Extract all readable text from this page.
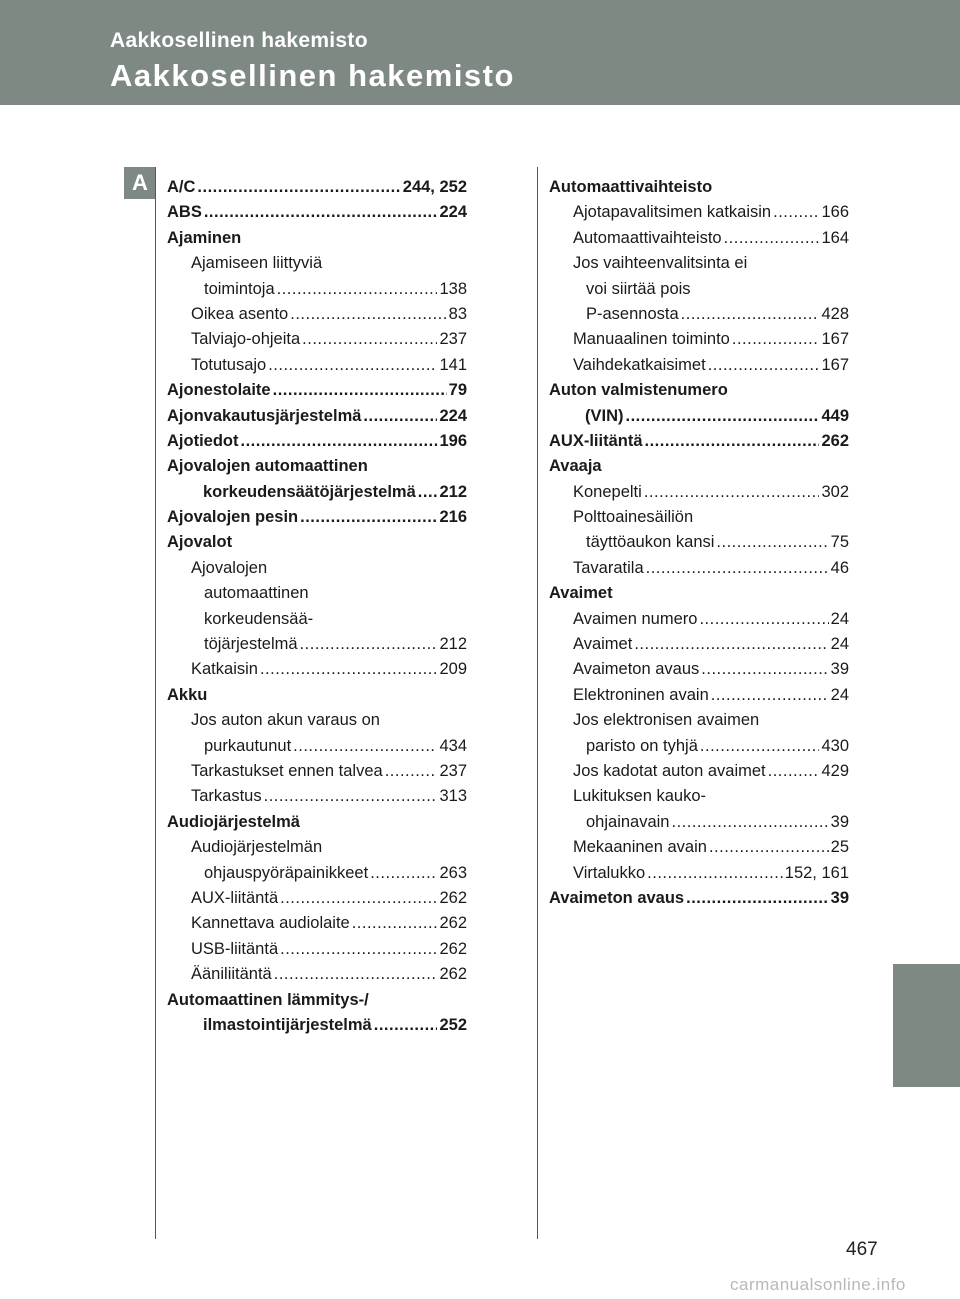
Aakkosellinen hakemisto
Aakkosellinen hakemisto
A	A/C .....	244, 252
ABS .....	224
Ajaminen
Ajamiseen liittyviä
toimintoja .....	138
Oikea asento .....	83
Talviajo-ohjeita .....	237
Totutusajo .....	141
Ajonestolaite .....	79
Ajonvakautusjärjestelmä .....	224
Ajotiedot .....	196
Ajovalojen automaattinen
korkeudensäätöjärjestelmä ..... 212
Ajovalojen pesin .....	216
Ajovalot
Ajovalojen
automaattinen
korkeudensää-
töjärjestelmä .....	212
Katkaisin .....	209
Akku
Jos auton akun varaus on
purkautunut .....	434
Tarkastukset ennen talvea .....	237
Tarkastus .....	313
Audiojärjestelmä
Audiojärjestelmän
ohjauspyöräpainikkeet .....	263
AUX-liitäntä .....	262
Kannettava audiolaite .....	262
USB-liitäntä .....	262
Ääniliitäntä .....	262
Automaattinen lämmitys-/
ilmastointijärjestelmä .....	252
Automaattivaihteisto
Ajotapavalitsimen katkaisin .....	166
Automaattivaihteisto .....	164
Jos vaihteenvalitsinta ei
voi siirtää pois
P-asennosta .....	428
Manuaalinen toiminto .....	167
Vaihdekatkaisimet .....	167
Auton valmistenumero
(VIN) .....	449
AUX-liitäntä .....	262
Avaaja
Konepelti .....	302
Polttoainesäiliön
täyttöaukon kansi .....	75
Tavaratila .....	46
Avaimet
Avaimen numero .....	24
Avaimet .....	24
Avaimeton avaus .....	39
Elektroninen avain .....	24
Jos elektronisen avaimen
paristo on tyhjä .....	430
Jos kadotat auton avaimet .....	429
Lukituksen kauko-
ohjainavain .....	39
Mekaaninen avain .....	25
Virtalukko .....	152, 161
Avaimeton avaus .....	39
467
carmanualsonline.info
